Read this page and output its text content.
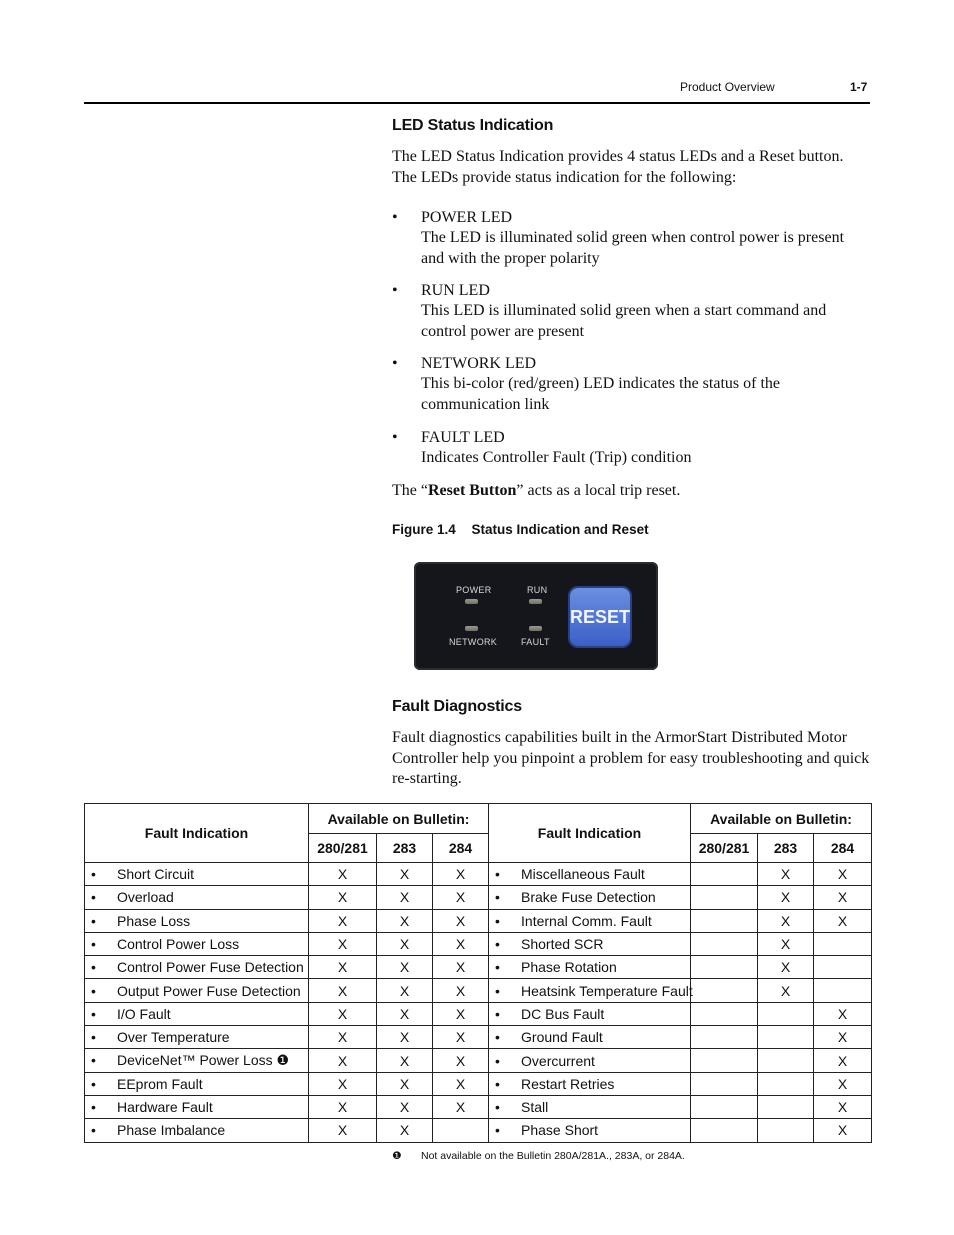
Product Overview	1-7
LED Status Indication
The LED Status Indication provides 4 status LEDs and a Reset button. The LEDs provide status indication for the following:
• POWER LED
The LED is illuminated solid green when control power is present and with the proper polarity
• RUN LED
This LED is illuminated solid green when a start command and control power are present
• NETWORK LED
This bi-color (red/green) LED indicates the status of the communication link
• FAULT LED
Indicates Controller Fault (Trip) condition
The “Reset Button” acts as a local trip reset.
Figure 1.4 Status Indication and Reset
POWER	RUN
NETWORK	FAULT
RESET
Fault Diagnostics
Fault diagnostics capabilities built in the ArmorStart Distributed Motor Controller help you pinpoint a problem for easy troubleshooting and quick re-starting.
Fault Indication	Available on Bulletin:			Fault Indication	Available on Bulletin:		
	280/281	283	284		280/281	283	284
• Short Circuit	X	X	X	• Miscellaneous Fault		X	X
• Overload	X	X	X	• Brake Fuse Detection		X	X
• Phase Loss	X	X	X	• Internal Comm. Fault		X	X
• Control Power Loss	X	X	X	• Shorted SCR		X	
• Control Power Fuse Detection	X	X	X	• Phase Rotation		X	
• Output Power Fuse Detection	X	X	X	• Heatsink Temperature Fault		X	
• I/O Fault	X	X	X	• DC Bus Fault			X
• Over Temperature	X	X	X	• Ground Fault			X
• DeviceNet™ Power Loss ❶	X	X	X	• Overcurrent			X
• EEprom Fault	X	X	X	• Restart Retries			X
• Hardware Fault	X	X	X	• Stall			X
• Phase Imbalance	X	X		• Phase Short			X
❶ Not available on the Bulletin 280A/281A., 283A, or 284A.
